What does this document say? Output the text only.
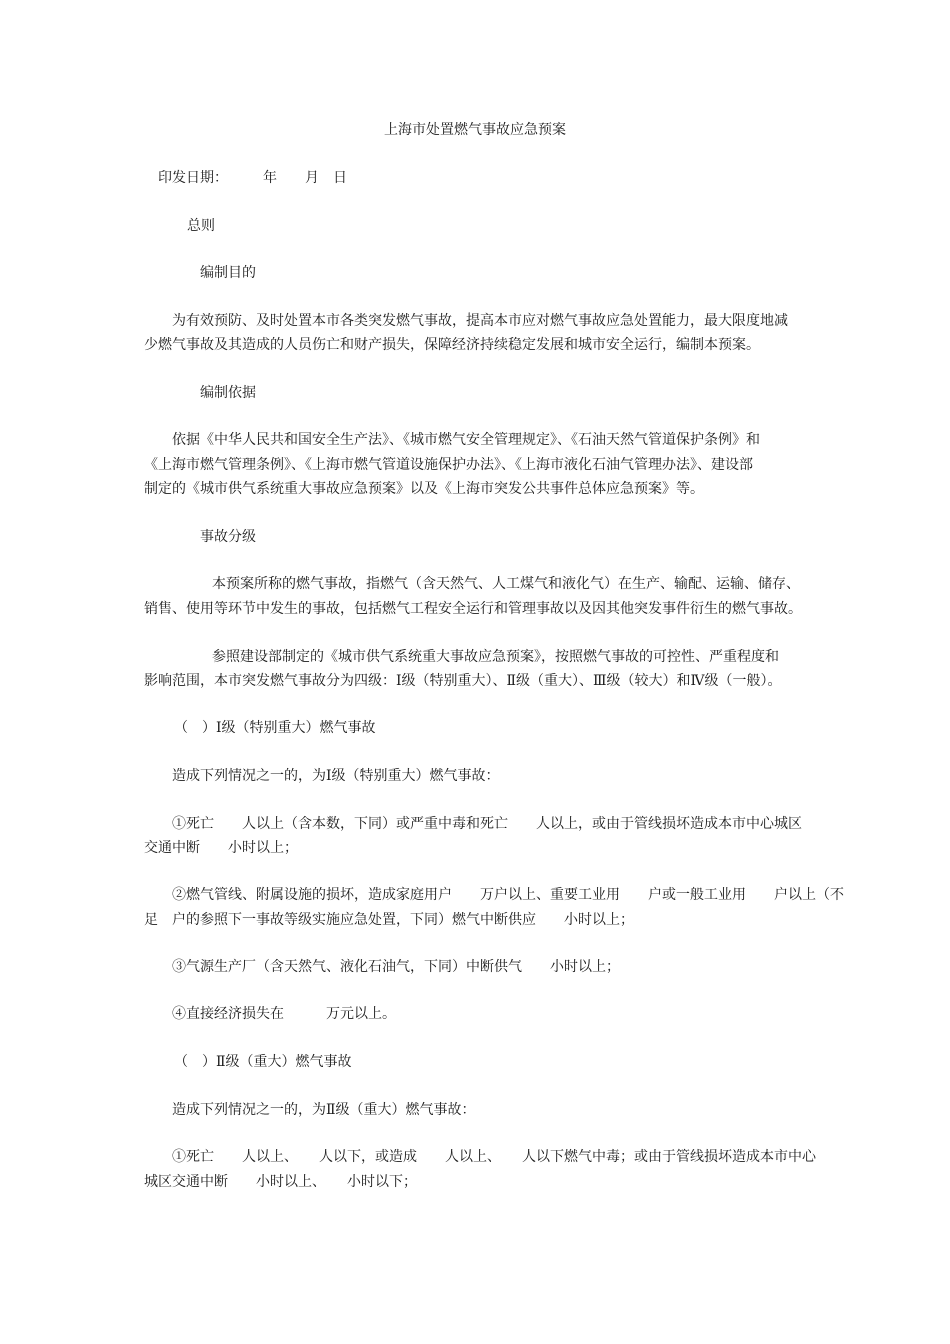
上海市处置燃气事故应急预案

印发日期：　　　年　　月　日

总则

编制目的

为有效预防、及时处置本市各类突发燃气事故，提高本市应对燃气事故应急处置能力，最大限度地减

少燃气事故及其造成的人员伤亡和财产损失，保障经济持续稳定发展和城市安全运行，编制本预案。

编制依据

依据《中华人民共和国安全生产法》、《城市燃气安全管理规定》、《石油天然气管道保护条例》和

《上海市燃气管理条例》、《上海市燃气管道设施保护办法》、《上海市液化石油气管理办法》、建设部

制定的《城市供气系统重大事故应急预案》以及《上海市突发公共事件总体应急预案》等。

事故分级

本预案所称的燃气事故，指燃气（含天然气、人工煤气和液化气）在生产、输配、运输、储存、

销售、使用等环节中发生的事故，包括燃气工程安全运行和管理事故以及因其他突发事件衍生的燃气事故。

参照建设部制定的《城市供气系统重大事故应急预案》，按照燃气事故的可控性、严重程度和

影响范围，本市突发燃气事故分为四级：Ⅰ级（特别重大）、Ⅱ级（重大）、Ⅲ级（较大）和Ⅳ级（一般）。

（　）Ⅰ级（特别重大）燃气事故

造成下列情况之一的，为Ⅰ级（特别重大）燃气事故：

①死亡　　人以上（含本数，下同）或严重中毒和死亡　　人以上，或由于管线损坏造成本市中心城区

交通中断　　小时以上；

②燃气管线、附属设施的损坏，造成家庭用户　　万户以上、重要工业用　　户或一般工业用　　户以上（不

足　户的参照下一事故等级实施应急处置，下同）燃气中断供应　　小时以上；

③气源生产厂（含天然气、液化石油气，下同）中断供气　　小时以上；

④直接经济损失在　　　万元以上。

（　）Ⅱ级（重大）燃气事故

造成下列情况之一的，为Ⅱ级（重大）燃气事故：

①死亡　　人以上、　　人以下，或造成　　人以上、　　人以下燃气中毒；或由于管线损坏造成本市中心

城区交通中断　　小时以上、　　小时以下；
